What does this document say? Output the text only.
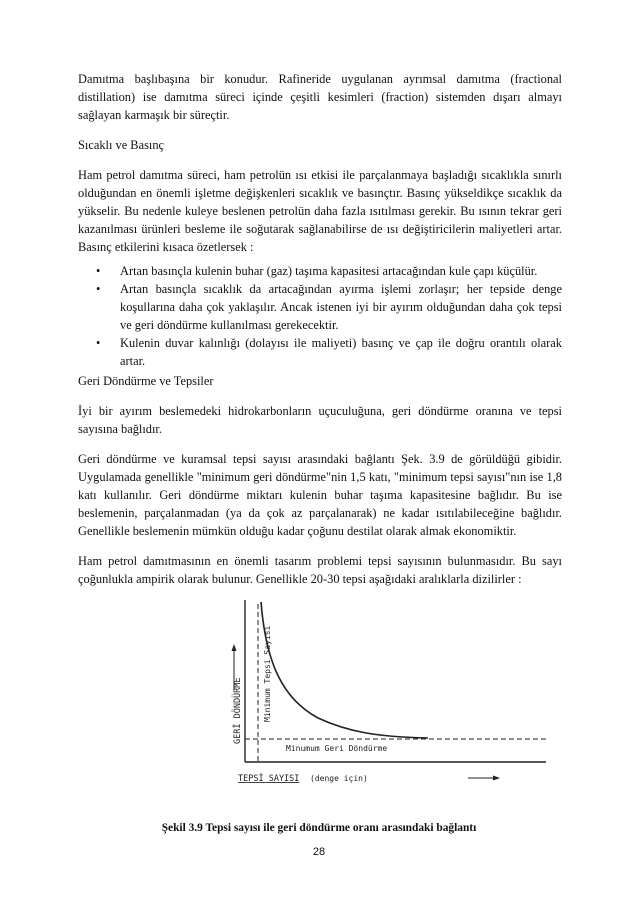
Damıtma başlıbaşına bir konudur. Rafineride uygulanan ayrımsal damıtma (fractional distillation) ise damıtma süreci içinde çeşitli kesimleri (fraction) sistemden dışarı almayı sağlayan karmaşık bir süreçtir.

Sıcaklı ve Basınç

Ham petrol damıtma süreci, ham petrolün ısı etkisi ile parçalanmaya başladığı sıcaklıkla sınırlı olduğundan en önemli işletme değişkenleri sıcaklık ve basınçtır. Basınç yükseldikçe sıcaklık da yükselir. Bu nedenle kuleye beslenen petrolün daha fazla ısıtılması gerekir. Bu ısının tekrar geri kazanılması ürünleri besleme ile soğutarak sağlanabilirse de ısı değiştiricilerin maliyetleri artar. Basınç etkilerini kısaca özetlersek :

• Artan basınçla kulenin buhar (gaz) taşıma kapasitesi artacağından kule çapı küçülür.
• Artan basınçla sıcaklık da artacağından ayırma işlemi zorlaşır; her tepside denge koşullarına daha çok yaklaşılır. Ancak istenen iyi bir ayırım olduğundan daha çok tepsi ve geri döndürme kullanılması gerekecektir.
• Kulenin duvar kalınlığı (dolayısı ile maliyeti) basınç ve çap ile doğru orantılı olarak artar.

Geri Döndürme ve Tepsiler

İyi bir ayırım beslemedeki hidrokarbonların uçuculuğuna, geri döndürme oranına ve tepsi sayısına bağlıdır.

Geri döndürme ve kuramsal tepsi sayısı arasındaki bağlantı Şek. 3.9 de görüldüğü gibidir. Uygulamada genellikle "minimum geri döndürme"nin 1,5 katı, "minimum tepsi sayısı"nın ise 1,8 katı kullanılır. Geri döndürme miktarı kulenin buhar taşıma kapasitesine bağlıdır. Bu ise beslemenin, parçalanmadan (ya da çok az parçalanarak) ne kadar ısıtılabileceğine bağlıdır. Genellikle beslemenin mümkün olduğu kadar çoğunu destilat olarak almak ekonomiktir.

Ham petrol damıtmasının en önemli tasarım problemi tepsi sayısının bulunmasıdır. Bu sayı çoğunlukla ampirik olarak bulunur. Genellikle 20-30 tepsi aşağıdaki aralıklarla dizilirler :

GERİ DÖNDÜRME	Minimum Tepsi Sayısı
Minumum Geri Döndürme
TEPSİ SAYISI (denge için)
Şekil 3.9 Tepsi sayısı ile geri döndürme oranı arasındaki bağlantı
28
